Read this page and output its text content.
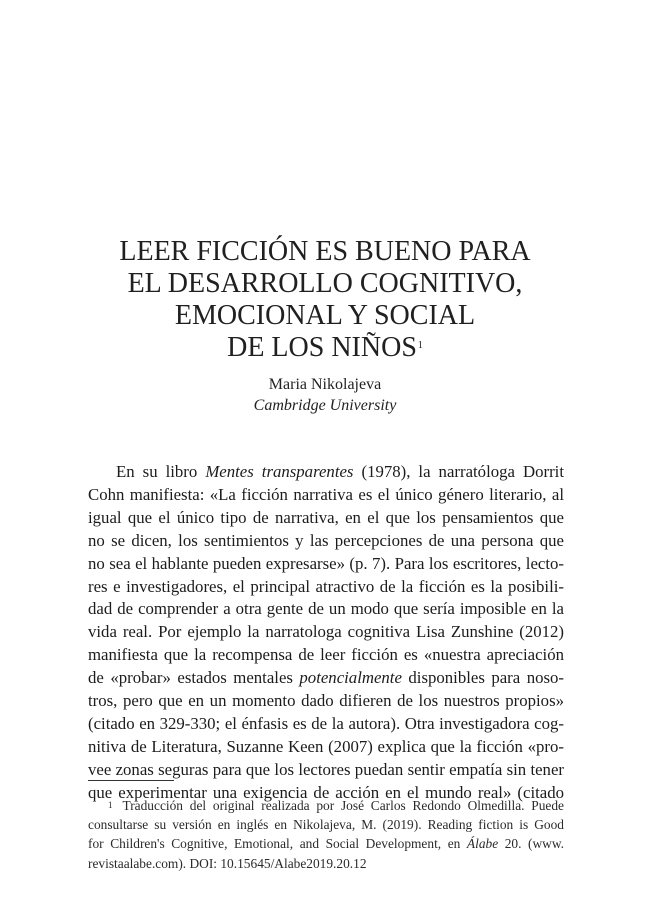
LEER FICCIÓN ES BUENO PARA
EL DESARROLLO COGNITIVO,
EMOCIONAL Y SOCIAL
DE LOS NIÑOS$^1$
Maria Nikolajeva
Cambridge University
En su libro Mentes transparentes (1978), la narratóloga Dorrit
Cohn manifiesta: «La ficción narrativa es el único género literario, al
igual que el único tipo de narrativa, en el que los pensamientos que
no se dicen, los sentimientos y las percepciones de una persona que
no sea el hablante pueden expresarse» (p. 7). Para los escritores, lecto-
res e investigadores, el principal atractivo de la ficción es la posibili-
dad de comprender a otra gente de un modo que sería imposible en la
vida real. Por ejemplo la narratologa cognitiva Lisa Zunshine (2012)
manifiesta que la recompensa de leer ficción es «nuestra apreciación
de «probar» estados mentales potencialmente disponibles para noso-
tros, pero que en un momento dado difieren de los nuestros propios»
(citado en 329-330; el énfasis es de la autora). Otra investigadora cog-
nitiva de Literatura, Suzanne Keen (2007) explica que la ficción «pro-
vee zonas seguras para que los lectores puedan sentir empatía sin tener
que experimentar una exigencia de acción en el mundo real» (citado
$^1$ Traducción del original realizada por José Carlos Redondo Olmedilla. Puede
consultarse su versión en inglés en Nikolajeva, M. (2019). Reading fiction is Good
for Children's Cognitive, Emotional, and Social Development, en Álabe 20. (www.
revistaalabe.com). DOI: 10.15645/Alabe2019.20.12
